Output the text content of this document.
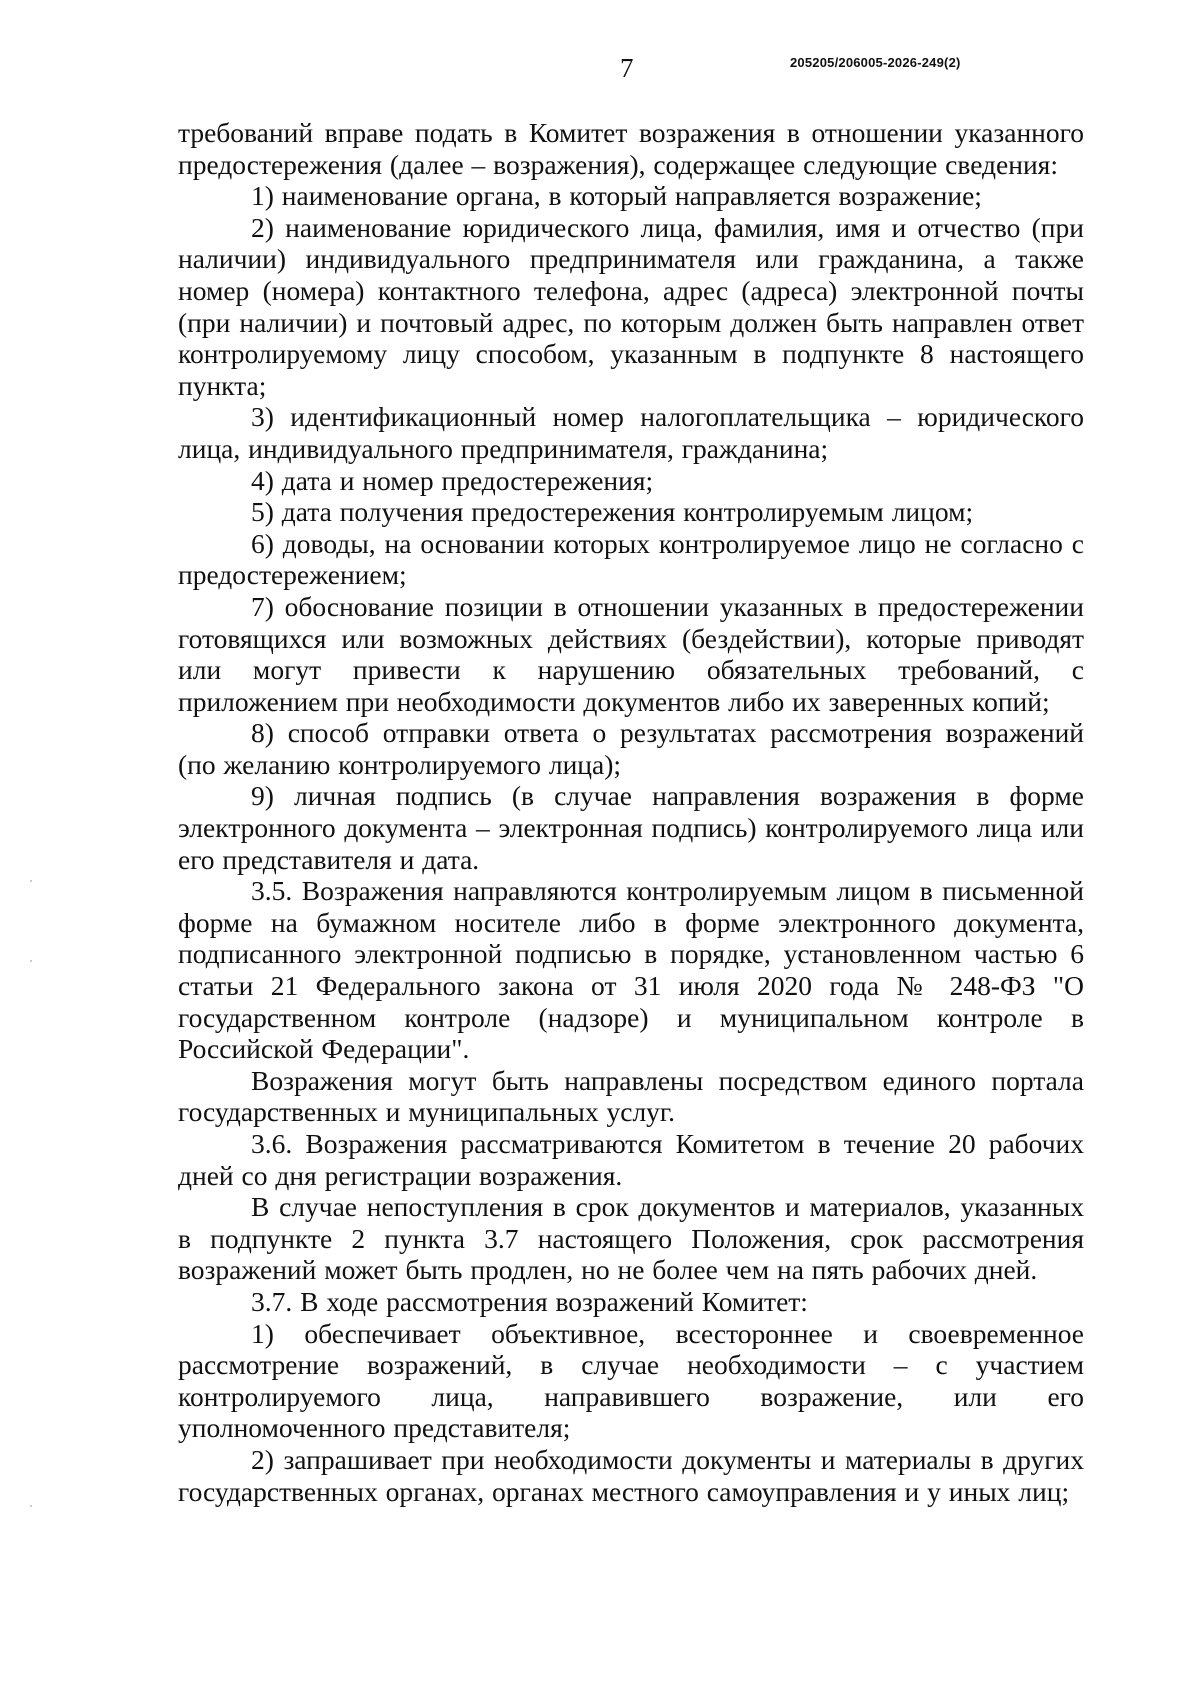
7	205205/206005-2026-249(2)

требований вправе подать в Комитет возражения в отношении указанного предостережения (далее – возражения), содержащее следующие сведения:

1) наименование органа, в который направляется возражение;

2) наименование юридического лица, фамилия, имя и отчество (при наличии) индивидуального предпринимателя или гражданина, а также номер (номера) контактного телефона, адрес (адреса) электронной почты (при наличии) и почтовый адрес, по которым должен быть направлен ответ контролируемому лицу способом, указанным в подпункте 8 настоящего пункта;

3) идентификационный номер налогоплательщика – юридического лица, индивидуального предпринимателя, гражданина;

4) дата и номер предостережения;

5) дата получения предостережения контролируемым лицом;

6) доводы, на основании которых контролируемое лицо не согласно с предостережением;

7) обоснование позиции в отношении указанных в предостережении готовящихся или возможных действиях (бездействии), которые приводят или могут привести к нарушению обязательных требований, с приложением при необходимости документов либо их заверенных копий;

8) способ отправки ответа о результатах рассмотрения возражений (по желанию контролируемого лица);

9) личная подпись (в случае направления возражения в форме электронного документа – электронная подпись) контролируемого лица или его представителя и дата.

3.5. Возражения направляются контролируемым лицом в письменной форме на бумажном носителе либо в форме электронного документа, подписанного электронной подписью в порядке, установленном частью 6 статьи 21 Федерального закона от 31 июля 2020 года № 248-ФЗ "О государственном контроле (надзоре) и муниципальном контроле в Российской Федерации".

Возражения могут быть направлены посредством единого портала государственных и муниципальных услуг.

3.6. Возражения рассматриваются Комитетом в течение 20 рабочих дней со дня регистрации возражения.

В случае непоступления в срок документов и материалов, указанных в подпункте 2 пункта 3.7 настоящего Положения, срок рассмотрения возражений может быть продлен, но не более чем на пять рабочих дней.

3.7. В ходе рассмотрения возражений Комитет:

1) обеспечивает объективное, всестороннее и своевременное рассмотрение возражений, в случае необходимости – с участием контролируемого лица, направившего возражение, или его уполномоченного представителя;

2) запрашивает при необходимости документы и материалы в других государственных органах, органах местного самоуправления и у иных лиц;
